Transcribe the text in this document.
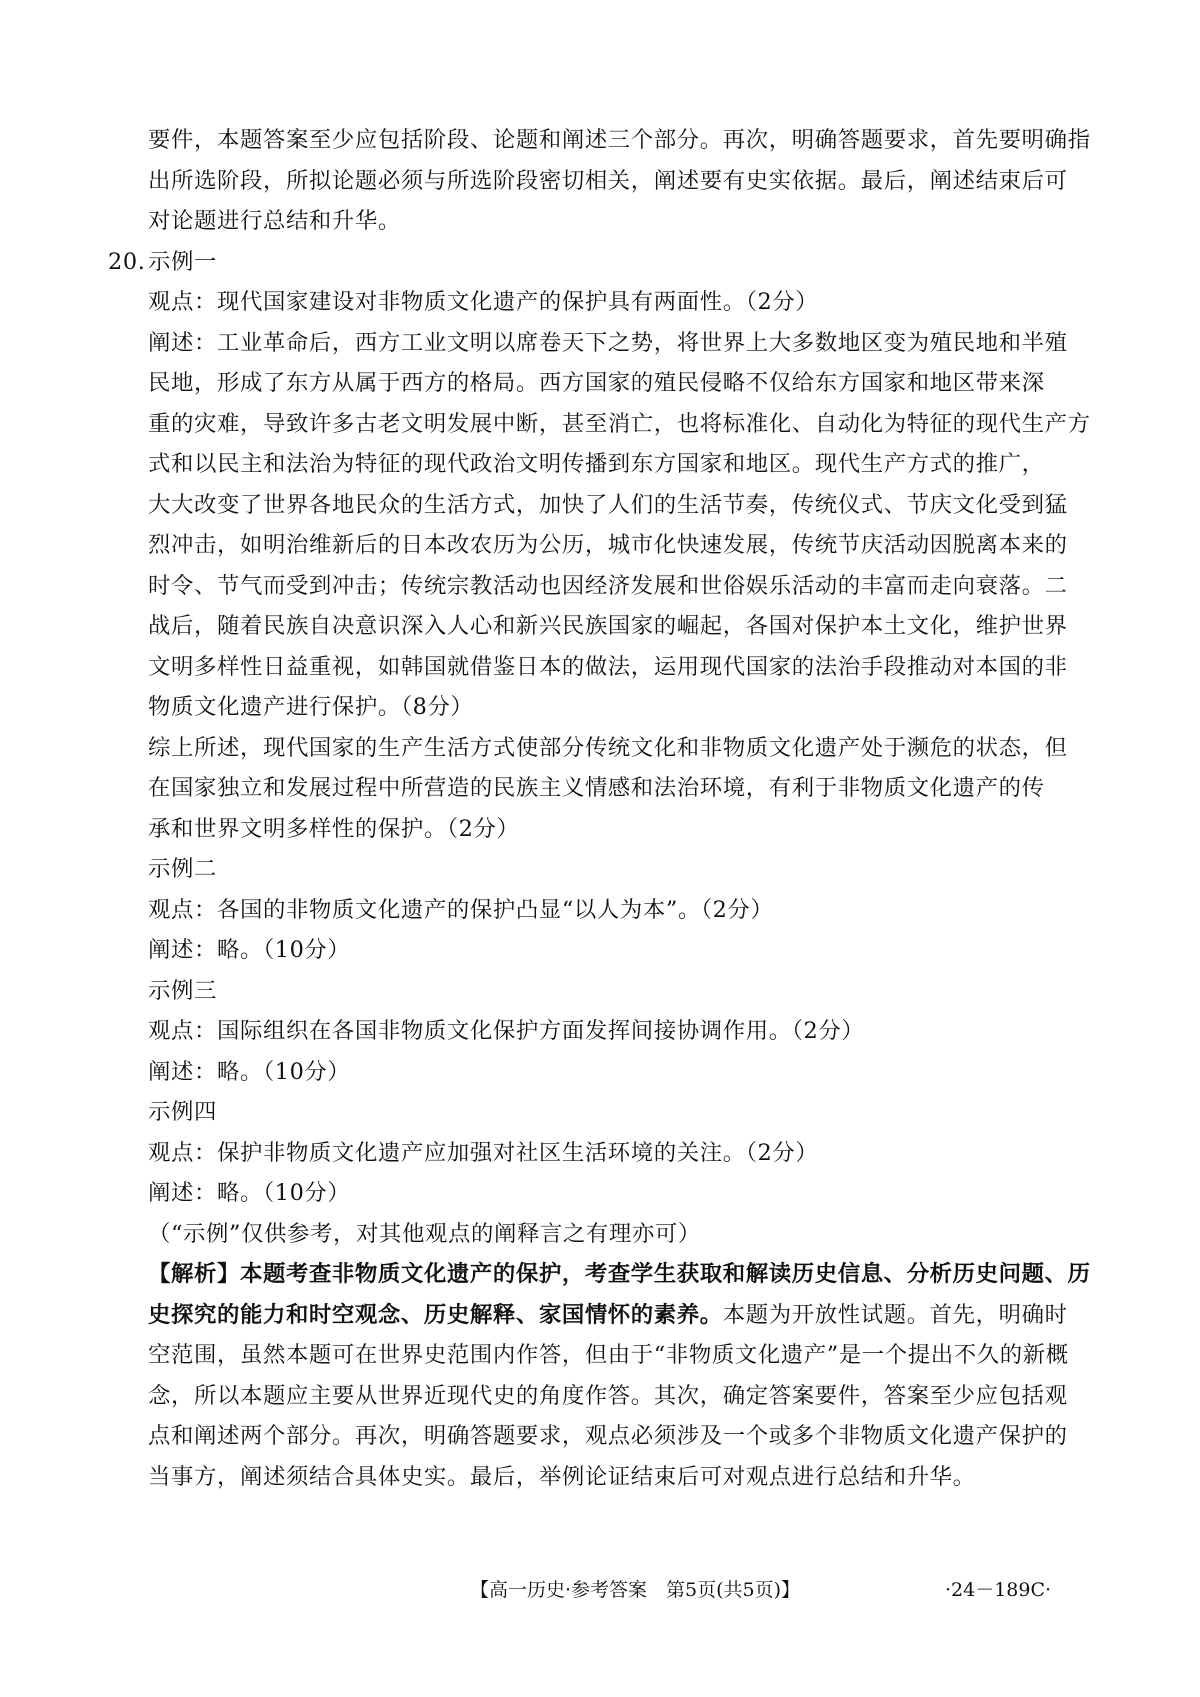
要件，本题答案至少应包括阶段、论题和阐述三个部分。再次，明确答题要求，首先要明确指

出所选阶段，所拟论题必须与所选阶段密切相关，阐述要有史实依据。最后，阐述结束后可

对论题进行总结和升华。

20. 示例一

观点：现代国家建设对非物质文化遗产的保护具有两面性。（2分）

阐述：工业革命后，西方工业文明以席卷天下之势，将世界上大多数地区变为殖民地和半殖

民地，形成了东方从属于西方的格局。西方国家的殖民侵略不仅给东方国家和地区带来深

重的灾难，导致许多古老文明发展中断，甚至消亡，也将标准化、自动化为特征的现代生产方

式和以民主和法治为特征的现代政治文明传播到东方国家和地区。现代生产方式的推广，

大大改变了世界各地民众的生活方式，加快了人们的生活节奏，传统仪式、节庆文化受到猛

烈冲击，如明治维新后的日本改农历为公历，城市化快速发展，传统节庆活动因脱离本来的

时令、节气而受到冲击；传统宗教活动也因经济发展和世俗娱乐活动的丰富而走向衰落。二

战后，随着民族自决意识深入人心和新兴民族国家的崛起，各国对保护本土文化，维护世界

文明多样性日益重视，如韩国就借鉴日本的做法，运用现代国家的法治手段推动对本国的非

物质文化遗产进行保护。（8分）

综上所述，现代国家的生产生活方式使部分传统文化和非物质文化遗产处于濒危的状态，但

在国家独立和发展过程中所营造的民族主义情感和法治环境，有利于非物质文化遗产的传

承和世界文明多样性的保护。（2分）

示例二

观点：各国的非物质文化遗产的保护凸显“以人为本”。（2分）

阐述：略。（10分）

示例三

观点：国际组织在各国非物质文化保护方面发挥间接协调作用。（2分）

阐述：略。（10分）

示例四

观点：保护非物质文化遗产应加强对社区生活环境的关注。（2分）

阐述：略。（10分）

（“示例”仅供参考，对其他观点的阐释言之有理亦可）

【解析】本题考查非物质文化遗产的保护，考查学生获取和解读历史信息、分析历史问题、历

史探究的能力和时空观念、历史解释、家国情怀的素养。本题为开放性试题。首先，明确时

空范围，虽然本题可在世界史范围内作答，但由于“非物质文化遗产”是一个提出不久的新概

念，所以本题应主要从世界近现代史的角度作答。其次，确定答案要件，答案至少应包括观

点和阐述两个部分。再次，明确答题要求，观点必须涉及一个或多个非物质文化遗产保护的

当事方，阐述须结合具体史实。最后，举例论证结束后可对观点进行总结和升华。

【高一历史·参考答案　第5页(共5页)】	·24－189C·
